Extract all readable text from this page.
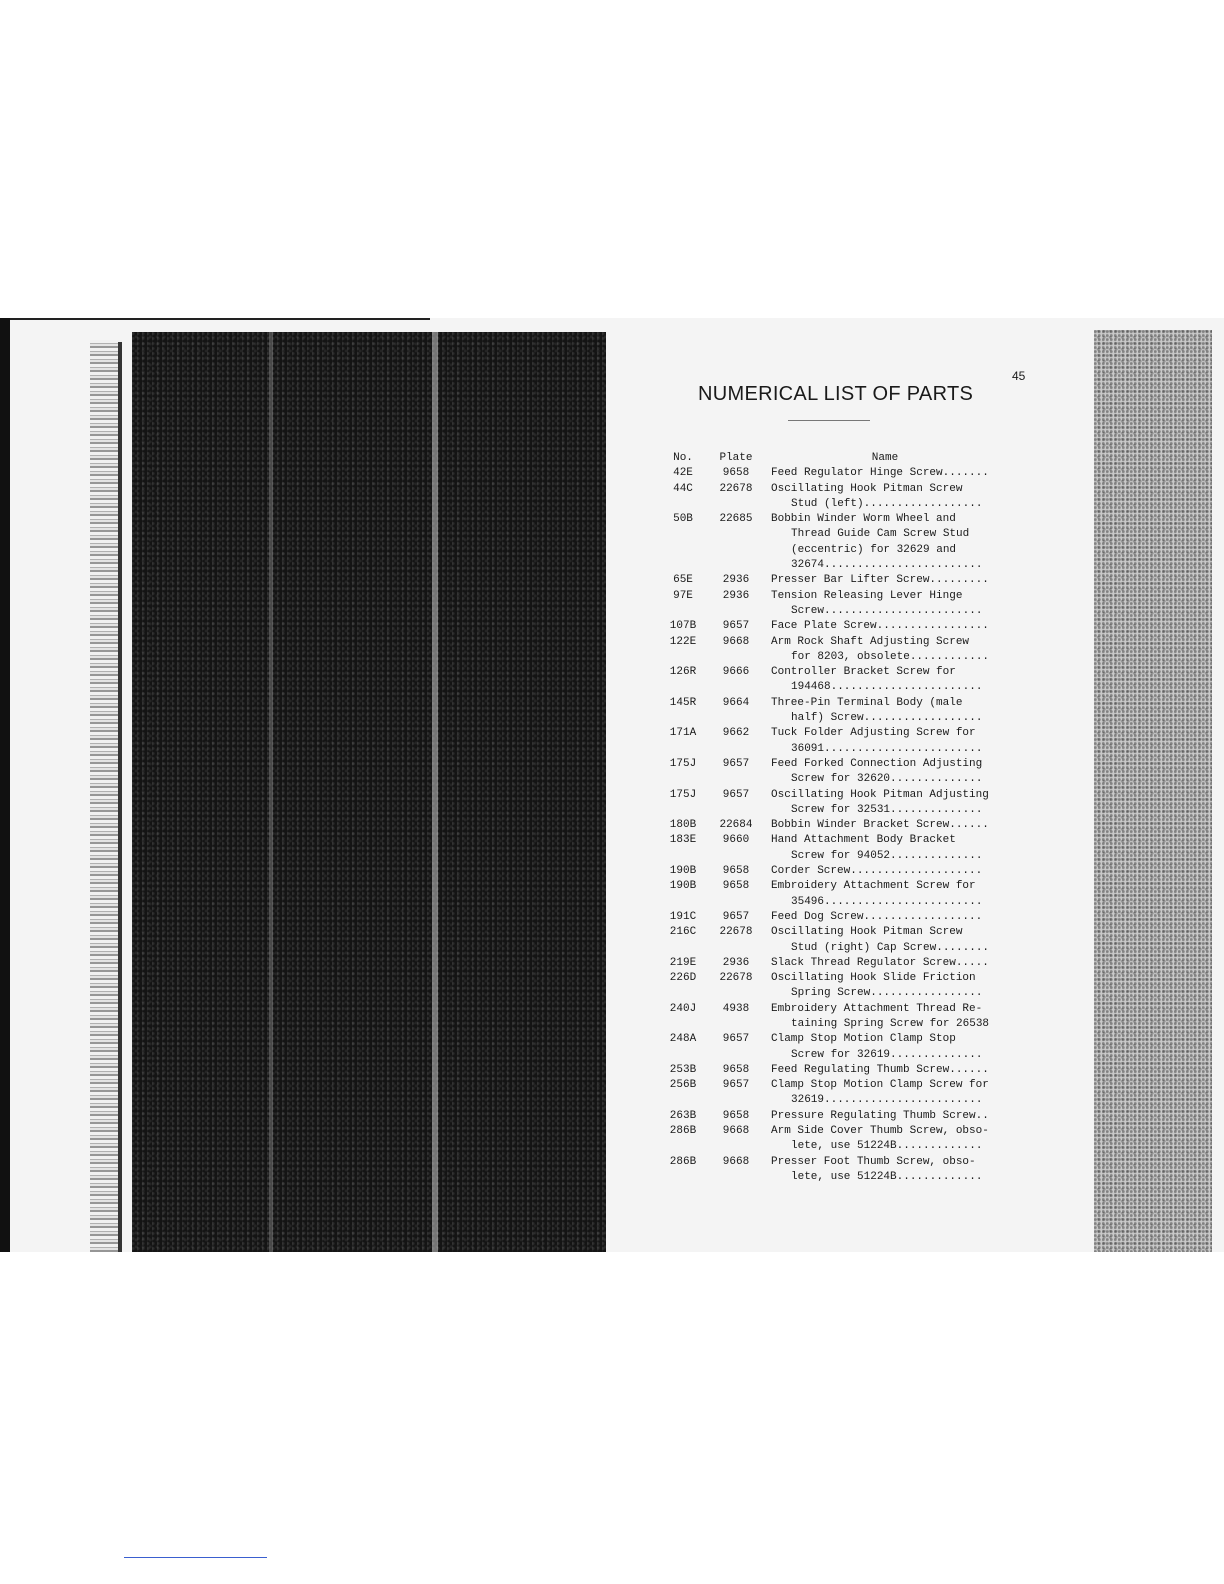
45
NUMERICAL LIST OF PARTS
No.	Plate	Name
42E	9658	Feed Regulator Hinge Screw.......
44C	22678	Oscillating Hook Pitman Screw
Stud (left)..................
50B	22685	Bobbin Winder Worm Wheel and
Thread Guide Cam Screw Stud
(eccentric) for 32629 and
32674........................
65E	2936	Presser Bar Lifter Screw.........
97E	2936	Tension Releasing Lever Hinge
Screw........................
107B	9657	Face Plate Screw.................
122E	9668	Arm Rock Shaft Adjusting Screw
for 8203, obsolete............
126R	9666	Controller Bracket Screw for
194468.......................
145R	9664	Three-Pin Terminal Body (male
half) Screw..................
171A	9662	Tuck Folder Adjusting Screw for
36091........................
175J	9657	Feed Forked Connection Adjusting
Screw for 32620..............
175J	9657	Oscillating Hook Pitman Adjusting
Screw for 32531..............
180B	22684	Bobbin Winder Bracket Screw......
183E	9660	Hand Attachment Body Bracket
Screw for 94052..............
190B	9658	Corder Screw....................
190B	9658	Embroidery Attachment Screw for
35496........................
191C	9657	Feed Dog Screw..................
216C	22678	Oscillating Hook Pitman Screw
Stud (right) Cap Screw........
219E	2936	Slack Thread Regulator Screw.....
226D	22678	Oscillating Hook Slide Friction
Spring Screw.................
240J	4938	Embroidery Attachment Thread Re-
taining Spring Screw for 26538
248A	9657	Clamp Stop Motion Clamp Stop
Screw for 32619..............
253B	9658	Feed Regulating Thumb Screw......
256B	9657	Clamp Stop Motion Clamp Screw for
32619........................
263B	9658	Pressure Regulating Thumb Screw..
286B	9668	Arm Side Cover Thumb Screw, obso-
lete, use 51224B.............
286B	9668	Presser Foot Thumb Screw, obso-
lete, use 51224B.............
